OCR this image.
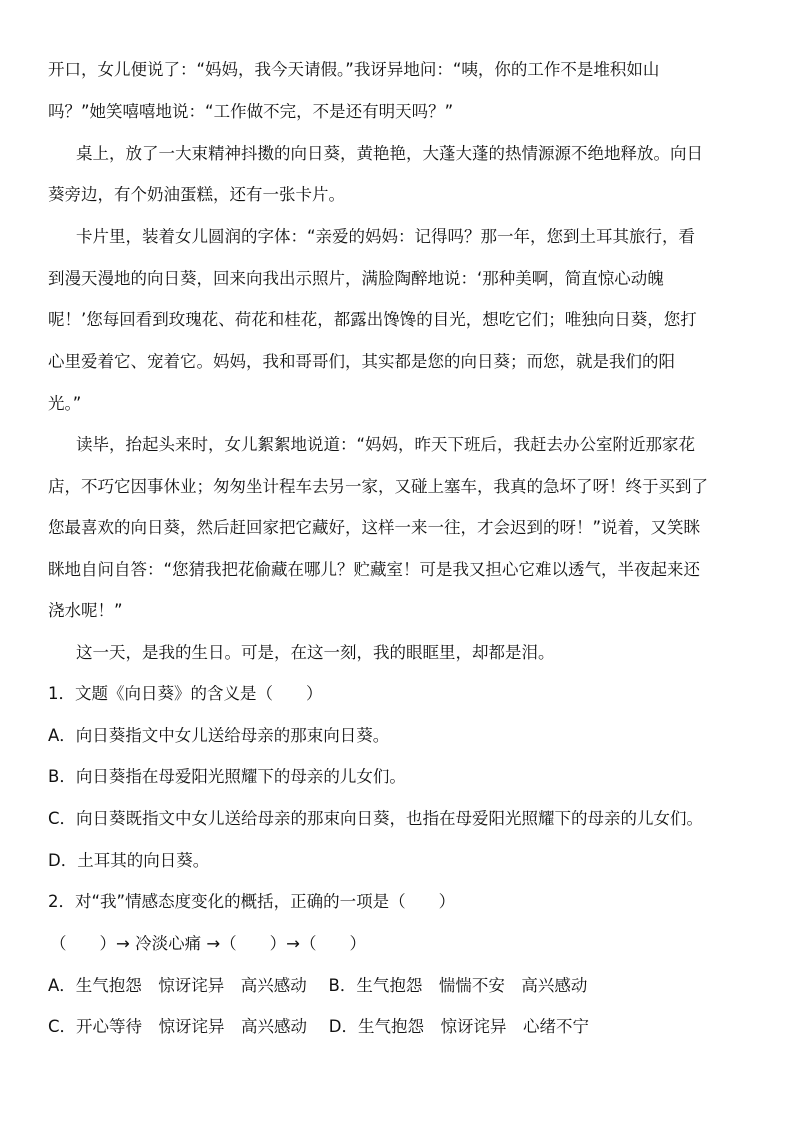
开口，女儿便说了：“妈妈，我今天请假。”我讶异地问：“咦，你的工作不是堆积如山
吗？”她笑嘻嘻地说：“工作做不完，不是还有明天吗？”
桌上，放了一大束精神抖擞的向日葵，黄艳艳，大蓬大蓬的热情源源不绝地释放。向日
葵旁边，有个奶油蛋糕，还有一张卡片。
卡片里，装着女儿圆润的字体：“亲爱的妈妈：记得吗？那一年，您到土耳其旅行，看
到漫天漫地的向日葵，回来向我出示照片，满脸陶醉地说：‘那种美啊，简直惊心动魄
呢！’您每回看到玫瑰花、荷花和桂花，都露出馋馋的目光，想吃它们；唯独向日葵，您打
心里爱着它、宠着它。妈妈，我和哥哥们，其实都是您的向日葵；而您，就是我们的阳
光。”
读毕，抬起头来时，女儿絮絮地说道：“妈妈，昨天下班后，我赶去办公室附近那家花
店，不巧它因事休业；匆匆坐计程车去另一家，又碰上塞车，我真的急坏了呀！终于买到了
您最喜欢的向日葵，然后赶回家把它藏好，这样一来一往，才会迟到的呀！”说着，又笑眯
眯地自问自答：“您猜我把花偷藏在哪儿？贮藏室！可是我又担心它难以透气，半夜起来还
浇水呢！”
这一天，是我的生日。可是，在这一刻，我的眼眶里，却都是泪。
1．文题《向日葵》的含义是（　　）
A．向日葵指文中女儿送给母亲的那束向日葵。
B．向日葵指在母爱阳光照耀下的母亲的儿女们。
C．向日葵既指文中女儿送给母亲的那束向日葵，也指在母爱阳光照耀下的母亲的儿女们。
D．土耳其的向日葵。
2．对“我”情感态度变化的概括，正确的一项是（　　）
（　　）→ 冷淡心痛 →（　　）→（　　）
A．生气抱怨　惊讶诧异　高兴感动　 B．生气抱怨　惴惴不安　高兴感动
C．开心等待　惊讶诧异　高兴感动　 D．生气抱怨　惊讶诧异　心绪不宁
